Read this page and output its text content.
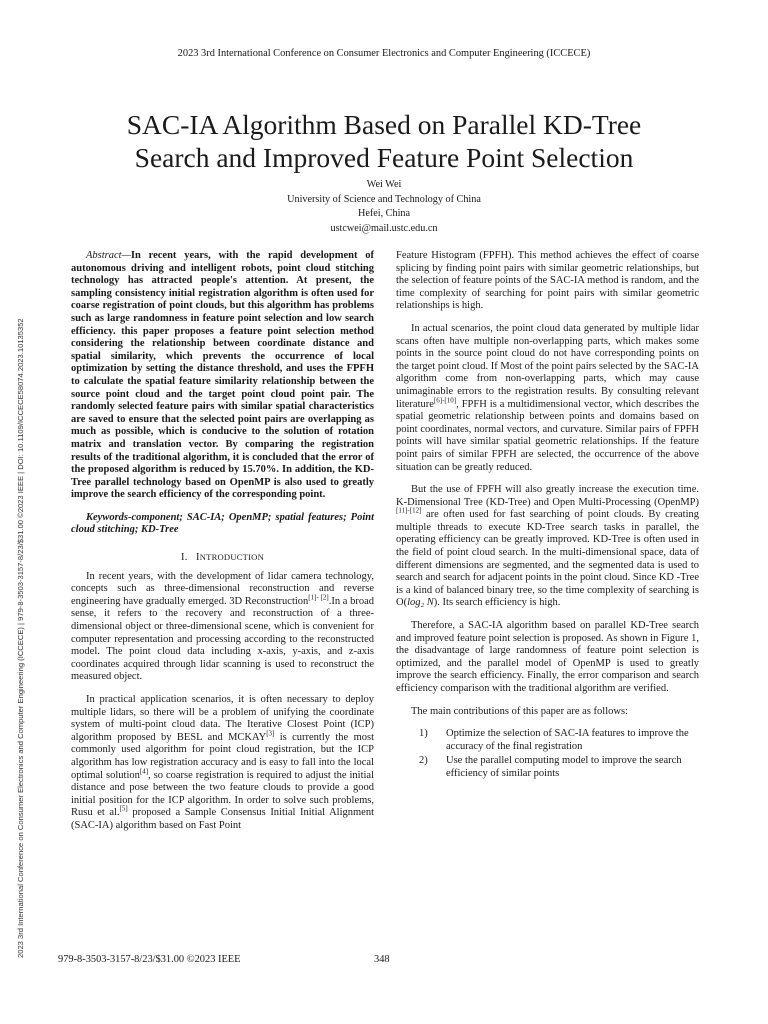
2023 3rd International Conference on Consumer Electronics and Computer Engineering (ICCECE)
SAC-IA Algorithm Based on Parallel KD-Tree
Search and Improved Feature Point Selection
Wei Wei
University of Science and Technology of China
Hefei, China
ustcwei@mail.ustc.edu.cn
2023 3rd International Conference on Consumer Electronics and Computer Engineering (ICCECE) | 979-8-3503-3157-8/23/$31.00 ©2023 IEEE | DOI: 10.1109/ICCECE58074.2023.10135352

Abstract—In recent years, with the rapid development of autonomous driving and intelligent robots, point cloud stitching technology has attracted people's attention. At present, the sampling consistency initial registration algorithm is often used for coarse registration of point clouds, but this algorithm has problems such as large randomness in feature point selection and low search efficiency. this paper proposes a feature point selection method considering the relationship between coordinate distance and spatial similarity, which prevents the occurrence of local optimization by setting the distance threshold, and uses the FPFH to calculate the spatial feature similarity relationship between the source point cloud and the target point cloud point pair. The randomly selected feature pairs with similar spatial characteristics are saved to ensure that the selected point pairs are overlapping as much as possible, which is conducive to the solution of rotation matrix and translation vector. By comparing the registration results of the traditional algorithm, it is concluded that the error of the proposed algorithm is reduced by 15.70%. In addition, the KD-Tree parallel technology based on OpenMP is also used to greatly improve the search efficiency of the corresponding point.

Keywords-component; SAC-IA; OpenMP; spatial features; Point cloud stitching; KD-Tree

I. INTRODUCTION

In recent years, with the development of lidar camera technology, concepts such as three-dimensional reconstruction and reverse engineering have gradually emerged. 3D Reconstruction[1]- [2].In a broad sense, it refers to the recovery and reconstruction of a three-dimensional object or three-dimensional scene, which is convenient for computer representation and processing according to the reconstructed model. The point cloud data including x-axis, y-axis, and z-axis coordinates acquired through lidar scanning is used to reconstruct the measured object.

In practical application scenarios, it is often necessary to deploy multiple lidars, so there will be a problem of unifying the coordinate system of multi-point cloud data. The Iterative Closest Point (ICP) algorithm proposed by BESL and MCKAY[3] is currently the most commonly used algorithm for point cloud registration, but the ICP algorithm has low registration accuracy and is easy to fall into the local optimal solution[4], so coarse registration is required to adjust the initial distance and pose between the two feature clouds to provide a good initial position for the ICP algorithm. In order to solve such problems, Rusu et al.[5] proposed a Sample Consensus Initial Initial Alignment (SAC-IA) algorithm based on Fast Point

Feature Histogram (FPFH). This method achieves the effect of coarse splicing by finding point pairs with similar geometric relationships, but the selection of feature points of the SAC-IA method is random, and the time complexity of searching for point pairs with similar geometric relationships is high.

In actual scenarios, the point cloud data generated by multiple lidar scans often have multiple non-overlapping parts, which makes some points in the source point cloud do not have corresponding points on the target point cloud. If Most of the point pairs selected by the SAC-IA algorithm come from non-overlapping parts, which may cause unimaginable errors to the registration results. By consulting relevant literature[6]-[10], FPFH is a multidimensional vector, which describes the spatial geometric relationship between points and domains based on point coordinates, normal vectors, and curvature. Similar pairs of FPFH points will have similar spatial geometric relationships. If the feature point pairs of similar FPFH are selected, the occurrence of the above situation can be greatly reduced.

But the use of FPFH will also greatly increase the execution time. K-Dimensional Tree (KD-Tree) and Open Multi-Processing (OpenMP)[11]-[12] are often used for fast searching of point clouds. By creating multiple threads to execute KD-Tree search tasks in parallel, the operating efficiency can be greatly improved. KD-Tree is often used in the field of point cloud search. In the multi-dimensional space, data of different dimensions are segmented, and the segmented data is used to search and search for adjacent points in the point cloud. Since KD -Tree is a kind of balanced binary tree, so the time complexity of searching is O(log₂ N). Its search efficiency is high.

Therefore, a SAC-IA algorithm based on parallel KD-Tree search and improved feature point selection is proposed. As shown in Figure 1, the disadvantage of large randomness of feature point selection is optimized, and the parallel model of OpenMP is used to greatly improve the search efficiency. Finally, the error comparison and search efficiency comparison with the traditional algorithm are verified.

The main contributions of this paper are as follows:

1) Optimize the selection of SAC-IA features to improve the accuracy of the final registration
2) Use the parallel computing model to improve the search efficiency of similar points
979-8-3503-3157-8/23/$31.00 ©2023 IEEE	348
